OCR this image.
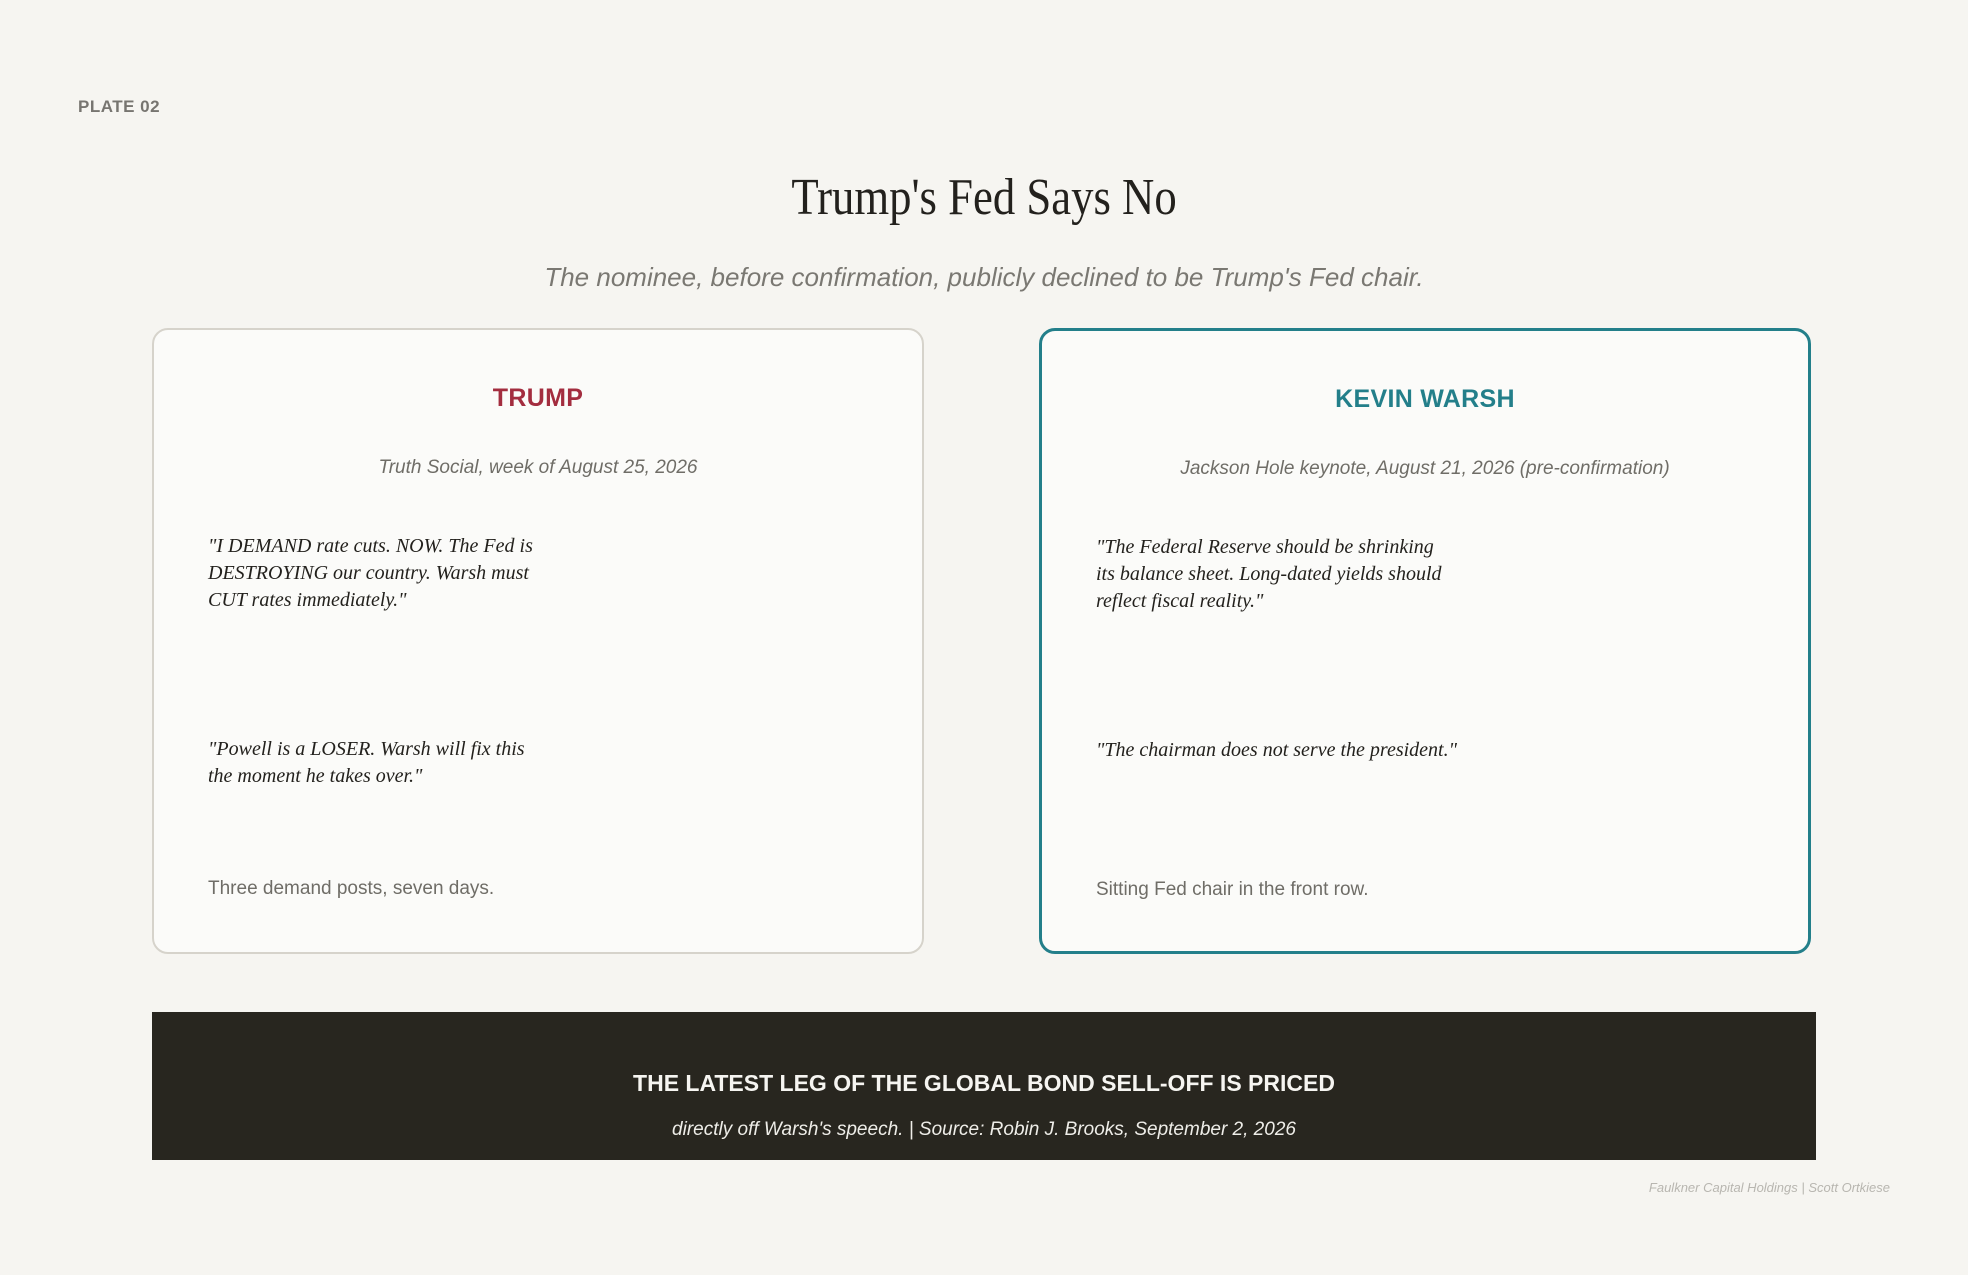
PLATE 02
Trump's Fed Says No
The nominee, before confirmation, publicly declined to be Trump's Fed chair.
TRUMP
Truth Social, week of August 25, 2026
"I DEMAND rate cuts. NOW. The Fed is DESTROYING our country. Warsh must CUT rates immediately."
"Powell is a LOSER. Warsh will fix this the moment he takes over."
Three demand posts, seven days.
KEVIN WARSH
Jackson Hole keynote, August 21, 2026 (pre-confirmation)
"The Federal Reserve should be shrinking its balance sheet. Long-dated yields should reflect fiscal reality."
"The chairman does not serve the president."
Sitting Fed chair in the front row.
THE LATEST LEG OF THE GLOBAL BOND SELL-OFF IS PRICED
directly off Warsh's speech. | Source: Robin J. Brooks, September 2, 2026
Faulkner Capital Holdings | Scott Ortkiese
